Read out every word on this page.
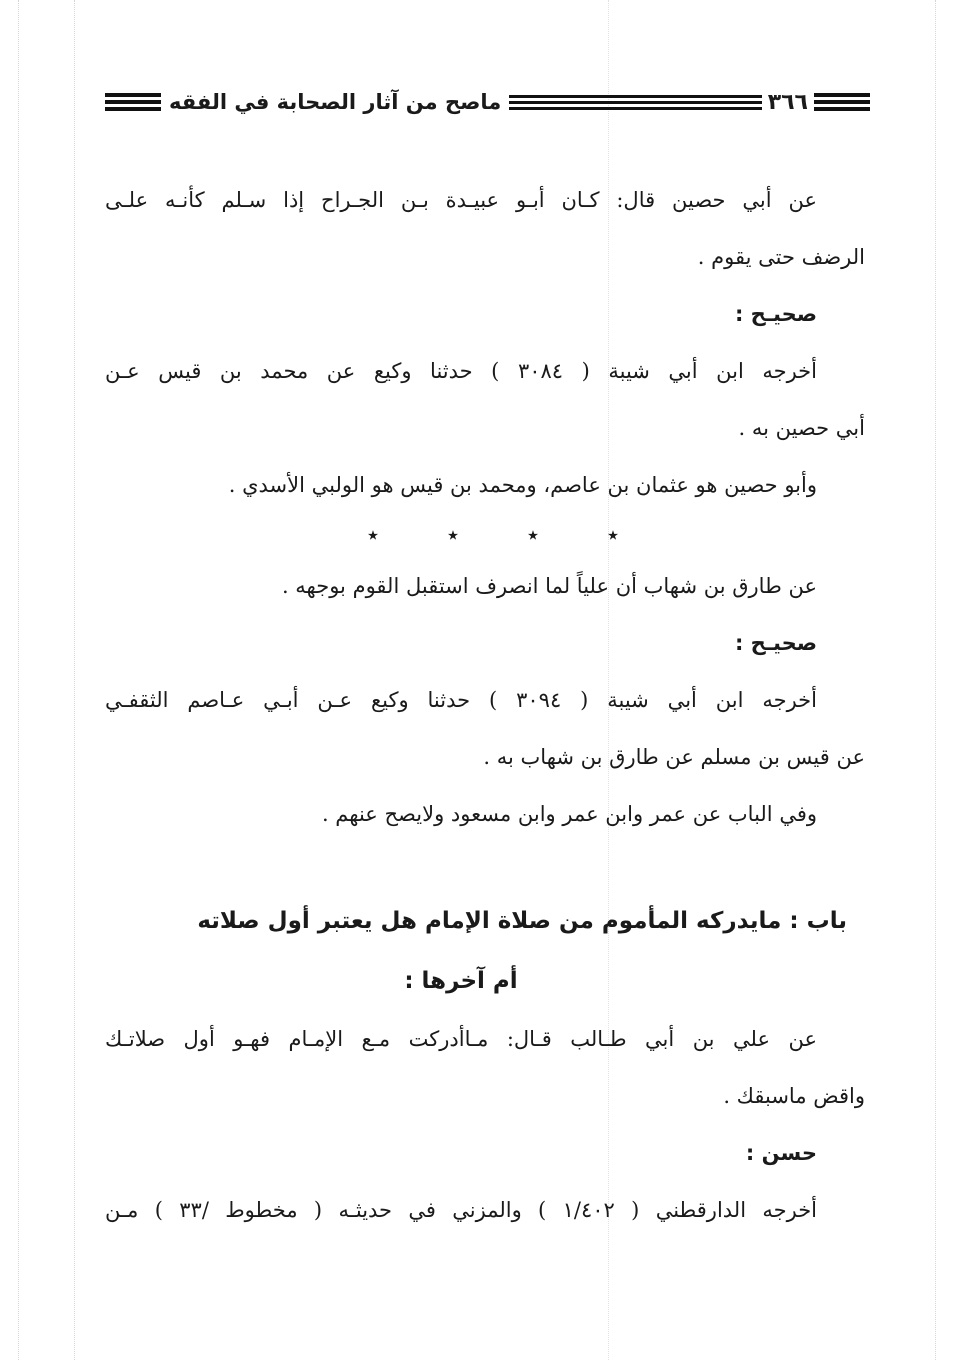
٣٦٦
ماصح من آثار الصحابة في الفقه
عن أبي حصين قال: كـان أبـو عبيـدة بـن الجـراح إذا سـلم كأنـه علـى
الرضف حتى يقوم .
صحيـح :
أخرجه ابن أبي شيبة ( ٣٠٨٤ ) حدثنا وكيع عن محمد بن قيس عـن
أبي حصين به .
وأبو حصين هو عثمان بن عاصم، ومحمد بن قيس هو الولبي الأسدي .
٭	٭	٭	٭
عن طارق بن شهاب أن علياً لما انصرف استقبل القوم بوجهه .
صحيـح :
أخرجه ابن أبي شيبة ( ٣٠٩٤ ) حدثنا وكيع عـن أبـي عـاصم الثقفـي
عن قيس بن مسلم عن طارق بن شهاب به .
وفي الباب عن عمر وابن عمر وابن مسعود ولايصح عنهم .
باب : مايدركه المأموم من صلاة الإمام هل يعتبر أول صلاته
أم آخرها :
عن علي بن أبي طـالب قـال: مـاأدركت مـع الإمـام فهـو أول صلاتـك
واقض ماسبقك .
حسن :
أخرجه الدارقطني ( ١/٤٠٢ ) والمزني في حديثـه ( مخطوط /٣٣ ) مـن
